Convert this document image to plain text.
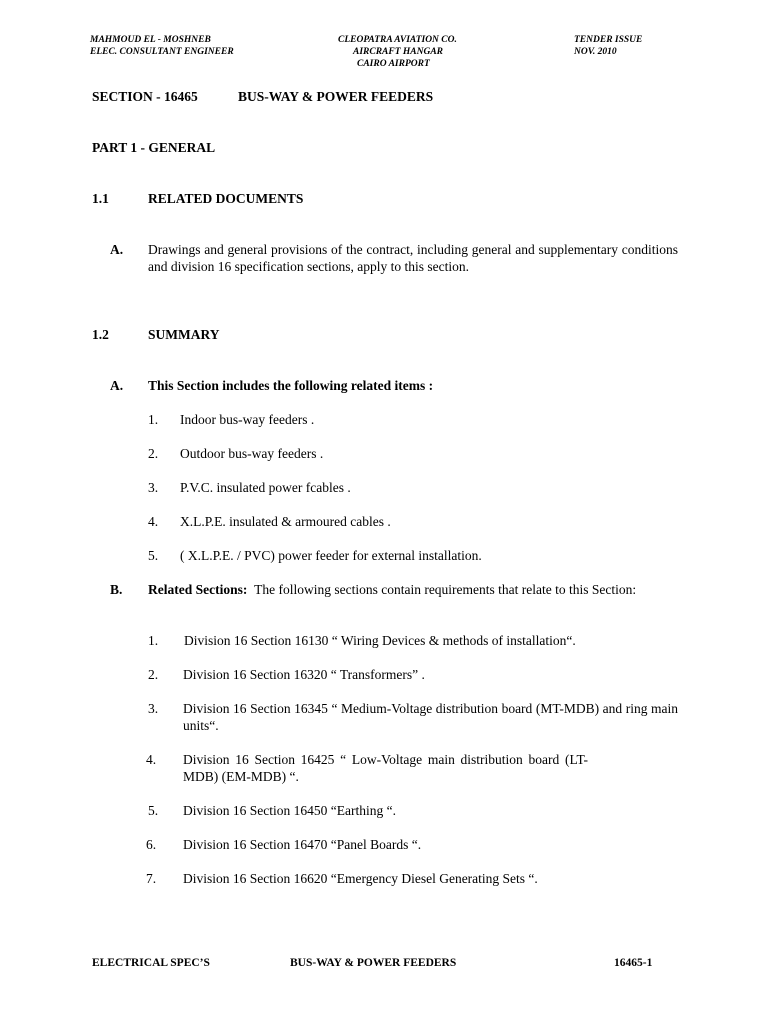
MAHMOUD EL - MOSHNEB
ELEC. CONSULTANT ENGINEER
CLEOPATRA AVIATION CO.
AIRCRAFT HANGAR
CAIRO AIRPORT
TENDER ISSUE
NOV. 2010
SECTION - 16465	BUS-WAY & POWER FEEDERS
PART 1 - GENERAL
1.1	RELATED DOCUMENTS
A. Drawings and general provisions of the contract, including general and supplementary conditions and division 16 specification sections, apply to this section.
1.2	SUMMARY
A. This Section includes the following related items :
1. Indoor bus-way feeders .
2. Outdoor bus-way feeders .
3. P.V.C. insulated power fcables .
4. X.L.P.E. insulated & armoured cables .
5. ( X.L.P.E. / PVC) power feeder for external installation.
B. Related Sections: The following sections contain requirements that relate to this Section:
1. Division 16 Section 16130 “ Wiring Devices & methods of installation“.
2. Division 16 Section 16320 “ Transformers” .
3. Division 16 Section 16345 “ Medium-Voltage distribution board (MT-MDB) and ring main units“.
4. Division 16 Section 16425 “ Low-Voltage main distribution board (LT-MDB) (EM-MDB) “.
5. Division 16 Section 16450 “Earthing “.
6. Division 16 Section 16470 “Panel Boards “.
7. Division 16 Section 16620 “Emergency Diesel Generating Sets “.
ELECTRICAL SPEC’S	BUS-WAY & POWER FEEDERS	16465-1
